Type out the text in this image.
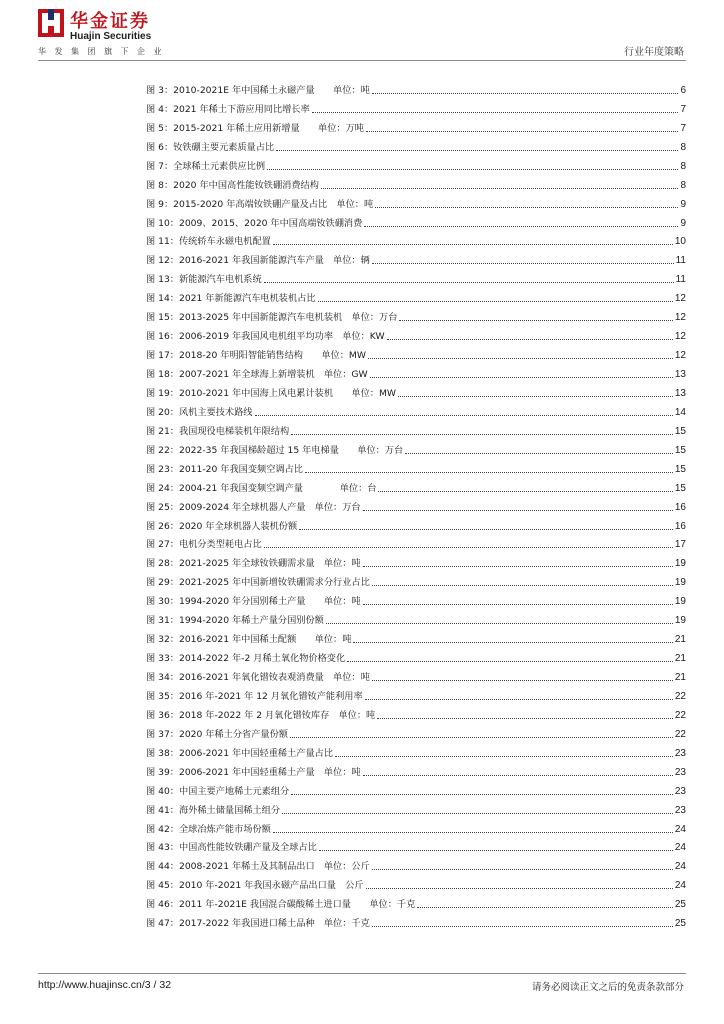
华金证券
Huajin Securities
华发集团旗下企业	行业年度策略
图 3：2010-2021E 年中国稀土永磁产量　　单位：吨	6
图 4：2021 年稀土下游应用同比增长率	7
图 5：2015-2021 年稀土应用新增量　　单位：万吨	7
图 6：钕铁硼主要元素质量占比	8
图 7：全球稀土元素供应比例	8
图 8：2020 年中国高性能钕铁硼消费结构	8
图 9：2015-2020 年高端钕铁硼产量及占比　单位：吨	9
图 10：2009、2015、2020 年中国高端钕铁硼消费	9
图 11：传统轿车永磁电机配置	10
图 12：2016-2021 年我国新能源汽车产量　单位：辆	11
图 13：新能源汽车电机系统	11
图 14：2021 年新能源汽车电机装机占比	12
图 15：2013-2025 年中国新能源汽车电机装机　单位：万台	12
图 16：2006-2019 年我国风电机组平均功率　单位：KW	12
图 17：2018-20 年明阳智能销售结构　　单位：MW	12
图 18：2007-2021 年全球海上新增装机　单位：GW	13
图 19：2010-2021 年中国海上风电累计装机　　单位：MW	13
图 20：风机主要技术路线	14
图 21：我国现役电梯装机年限结构	15
图 22：2022-35 年我国梯龄超过 15 年电梯量　　单位：万台	15
图 23：2011-20 年我国变频空调占比	15
图 24：2004-21 年我国变频空调产量　　　　单位：台	15
图 25：2009-2024 年全球机器人产量　单位：万台	16
图 26：2020 年全球机器人装机份额	16
图 27：电机分类型耗电占比	17
图 28：2021-2025 年全球钕铁硼需求量　单位：吨	19
图 29：2021-2025 年中国新增钕铁硼需求分行业占比	19
图 30：1994-2020 年分国别稀土产量　　单位：吨	19
图 31：1994-2020 年稀土产量分国别份额	19
图 32：2016-2021 年中国稀土配额　　单位：吨	21
图 33：2014-2022 年-2 月稀土氧化物价格变化	21
图 34：2016-2021 年氧化镨钕表观消费量　单位：吨	21
图 35：2016 年-2021 年 12 月氧化镨钕产能利用率	22
图 36：2018 年-2022 年 2 月氧化镨钕库存　单位：吨	22
图 37：2020 年稀土分省产量份额	22
图 38：2006-2021 年中国轻重稀土产量占比	23
图 39：2006-2021 年中国轻重稀土产量　单位：吨	23
图 40：中国主要产地稀土元素组分	23
图 41：海外稀土储量国稀土组分	23
图 42：全球冶炼产能市场份额	24
图 43：中国高性能钕铁硼产量及全球占比	24
图 44：2008-2021 年稀土及其制品出口　单位：公斤	24
图 45：2010 年-2021 年我国永磁产品出口量　公斤	24
图 46：2011 年-2021E 我国混合碳酸稀土进口量　　单位：千克	25
图 47：2017-2022 年我国进口稀土品种　单位：千克	25
http://www.huajinsc.cn/3 / 32	请务必阅读正文之后的免责条款部分
